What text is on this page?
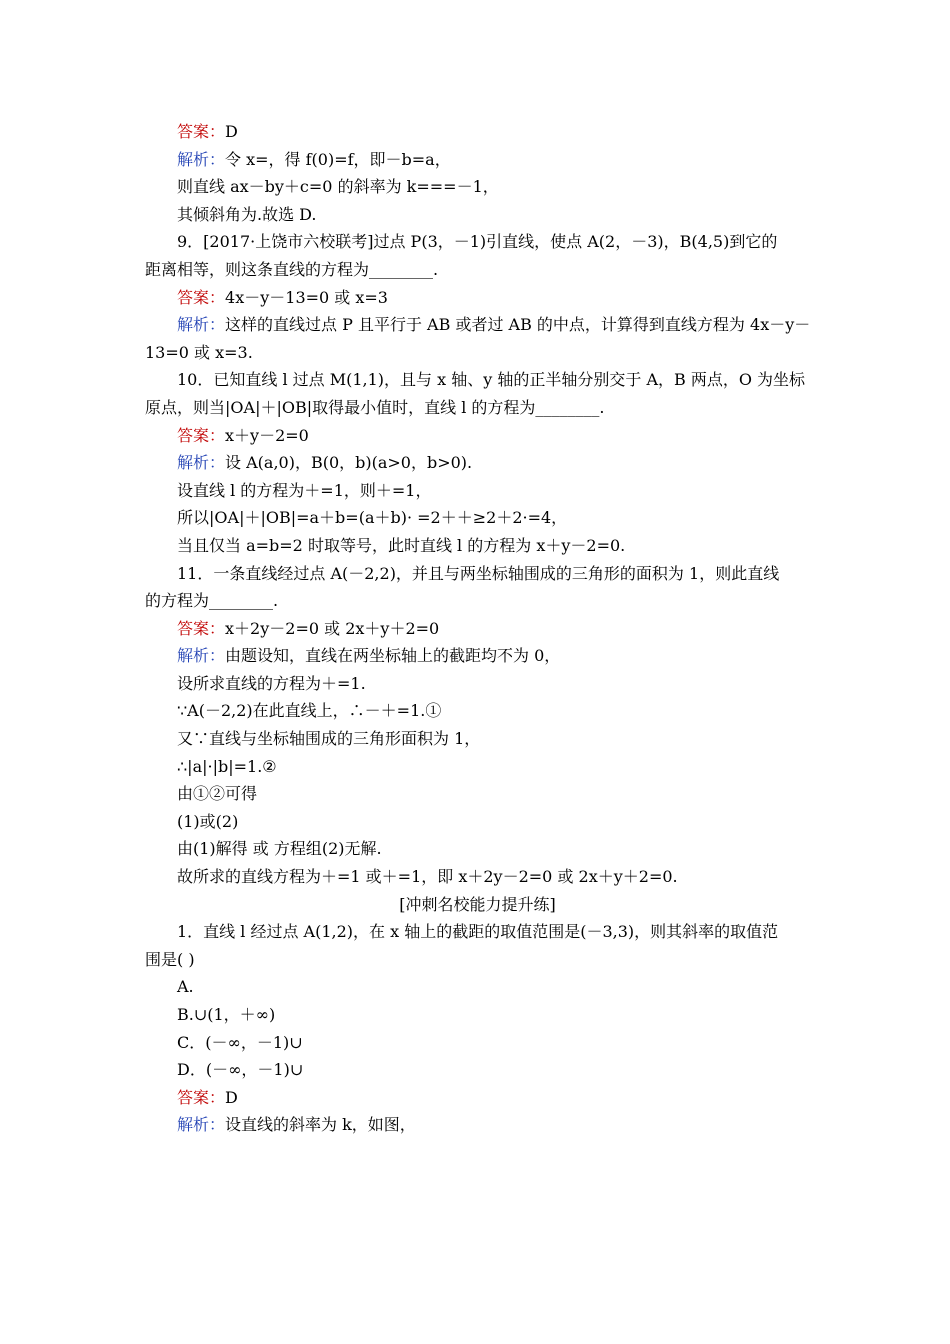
答案：D
解析：令 x=，得 f(0)=f，即－b=a，
则直线 ax－by＋c=0 的斜率为 k===－1，
其倾斜角为.故选 D.
9．[2017·上饶市六校联考]过点 P(3，－1)引直线，使点 A(2，－3)，B(4,5)到它的
距离相等，则这条直线的方程为________.
答案：4x－y－13=0 或 x=3
解析：这样的直线过点 P 且平行于 AB 或者过 AB 的中点，计算得到直线方程为 4x－y－
13=0 或 x=3.
10．已知直线 l 过点 M(1,1)，且与 x 轴、y 轴的正半轴分别交于 A，B 两点，O 为坐标
原点，则当|OA|＋|OB|取得最小值时，直线 l 的方程为________.
答案：x＋y－2=0
解析：设 A(a,0)，B(0，b)(a>0，b>0).
设直线 l 的方程为＋=1，则＋=1，
所以|OA|＋|OB|=a＋b=(a＋b)· =2＋＋≥2＋2·=4，
当且仅当 a=b=2 时取等号，此时直线 l 的方程为 x＋y－2=0.
11．一条直线经过点 A(－2,2)，并且与两坐标轴围成的三角形的面积为 1，则此直线
的方程为________.
答案：x＋2y－2=0 或 2x＋y＋2=0
解析：由题设知，直线在两坐标轴上的截距均不为 0，
设所求直线的方程为＋=1.
∵A(－2,2)在此直线上，∴－＋=1.①
又∵直线与坐标轴围成的三角形面积为 1，
∴|a|·|b|=1.②
由①②可得
(1)或(2)
由(1)解得 或 方程组(2)无解.
故所求的直线方程为＋=1 或＋=1，即 x＋2y－2=0 或 2x＋y＋2=0.
[冲刺名校能力提升练]
1．直线 l 经过点 A(1,2)，在 x 轴上的截距的取值范围是(－3,3)，则其斜率的取值范
围是( )
A.
B.∪(1，＋∞)
C．(－∞，－1)∪
D．(－∞，－1)∪
答案：D
解析：设直线的斜率为 k，如图，
